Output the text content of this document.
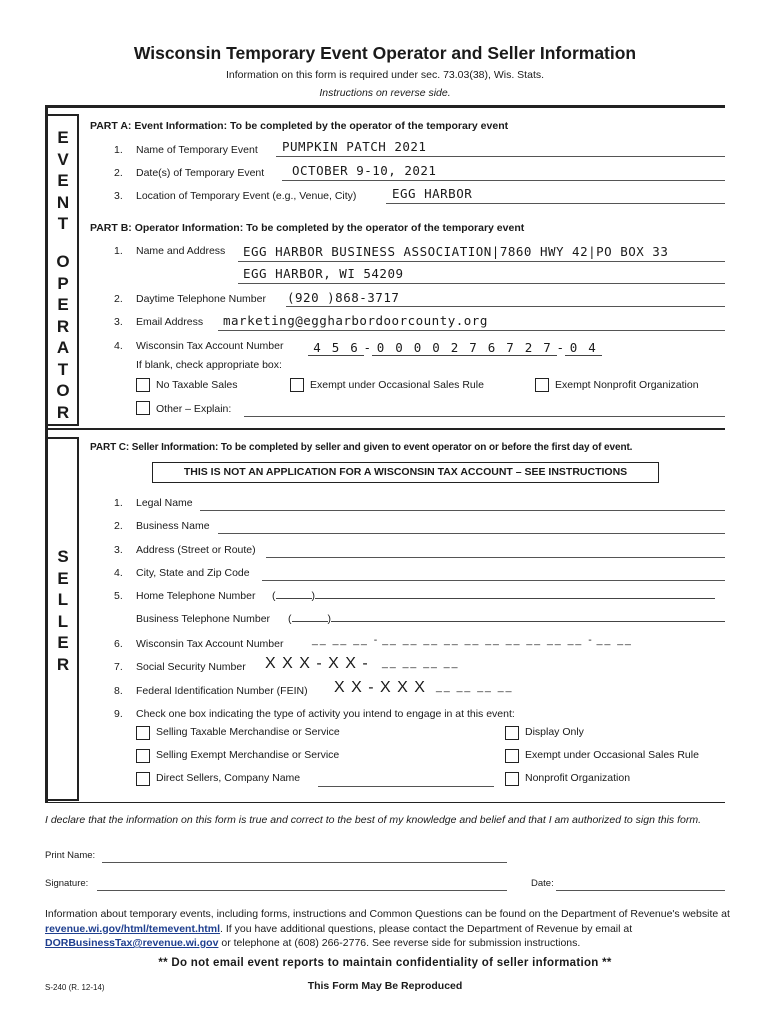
Wisconsin Temporary Event Operator and Seller Information
Information on this form is required under sec. 73.03(38), Wis. Stats.
Instructions on reverse side.
E
V
E
N
T
O
P
E
R
A
T
O
R
S
E
L
L
E
R
PART A: Event Information: To be completed by the operator of the temporary event
1. Name of Temporary Event PUMPKIN PATCH 2021
2. Date(s) of Temporary Event OCTOBER 9-10, 2021
3. Location of Temporary Event (e.g., Venue, City)	EGG HARBOR
PART B: Operator Information: To be completed by the operator of the temporary event
1. Name and Address EGG HARBOR BUSINESS ASSOCIATION|7860 HWY 42|PO BOX 33
EGG HARBOR, WI 54209
2. Daytime Telephone Number (920 )868-3717
3. Email Address marketing@eggharbordoorcounty.org
4. Wisconsin Tax Account Number	4 5 6 - 0 0 0 0 2 7 6 7 2 7 - 0 4
If blank, check appropriate box:
No Taxable Sales	Exempt under Occasional Sales Rule	Exempt Nonprofit Organization
Other – Explain:
PART C: Seller Information: To be completed by seller and given to event operator on or before the first day of event.
THIS IS NOT AN APPLICATION FOR A WISCONSIN TAX ACCOUNT – SEE INSTRUCTIONS
1. Legal Name
2. Business Name
3. Address (Street or Route)
4. City, State and Zip Code
5. Home Telephone Number (	)
Business Telephone Number (	)
6. Wisconsin Tax Account Number	__ __ __ - __ __ __ __ __ __ __ __ __ __ - __ __
7. Social Security Number X X X - X X - __ __ __ __
8. Federal Identification Number (FEIN) X X - X X X __ __ __ __
9. Check one box indicating the type of activity you intend to engage in at this event:
Selling Taxable Merchandise or Service	Display Only
Selling Exempt Merchandise or Service	Exempt under Occasional Sales Rule
Direct Sellers, Company Name	Nonprofit Organization
I declare that the information on this form is true and correct to the best of my knowledge and belief and that I am authorized to sign this form.
Print Name:
Signature:	Date:
Information about temporary events, including forms, instructions and Common Questions can be found on the Department of Revenue's website at revenue.wi.gov/html/temevent.html. If you have additional questions, please contact the Department of Revenue by email at DORBusinessTax@revenue.wi.gov or telephone at (608) 266-2776. See reverse side for submission instructions.
** Do not email event reports to maintain confidentiality of seller information **
S-240 (R. 12-14)	This Form May Be Reproduced
